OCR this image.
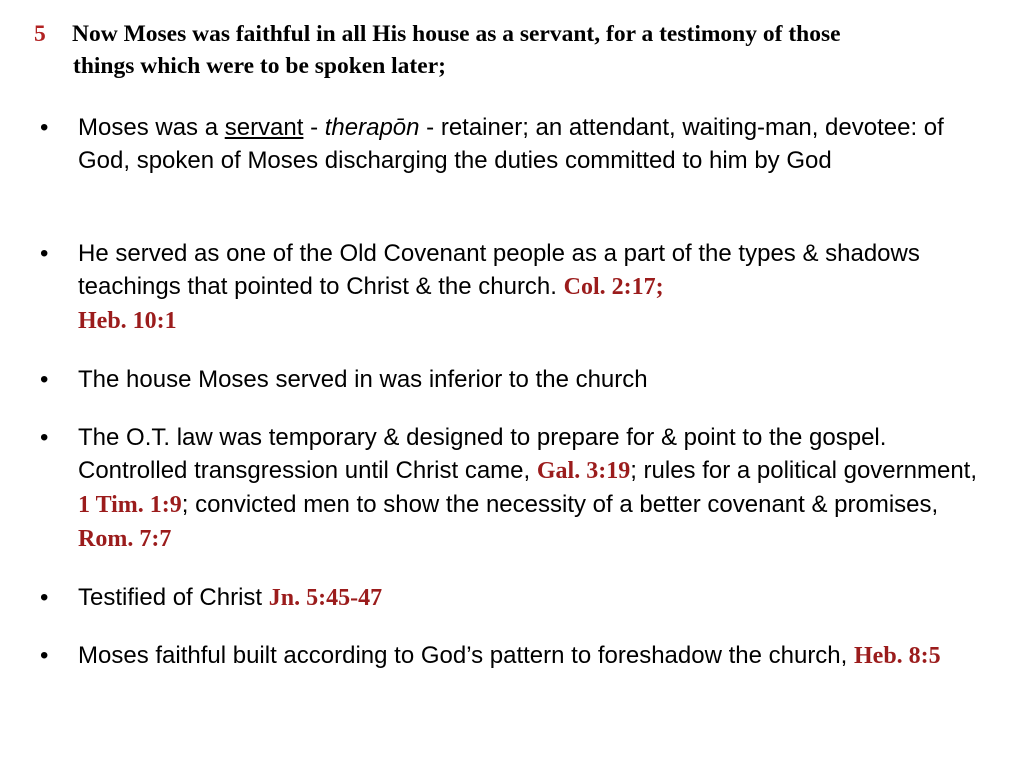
5 Now Moses was faithful in all His house as a servant, for a testimony of those
things which were to be spoken later;
•	Moses was a servant - therapōn - retainer; an attendant, waiting-man, devotee: of God, spoken of Moses discharging the duties committed to him by God
•	He served as one of the Old Covenant people as a part of the types & shadows teachings that pointed to Christ & the church. Col. 2:17;
Heb. 10:1
•	The house Moses served in was inferior to the church
•	The O.T. law was temporary & designed to prepare for & point to the gospel. Controlled transgression until Christ came, Gal. 3:19; rules for a political government, 1 Tim. 1:9; convicted men to show the necessity of a better covenant & promises, Rom. 7:7
•	Testified of Christ Jn. 5:45-47
•	Moses faithful built according to God’s pattern to foreshadow the church, Heb. 8:5
